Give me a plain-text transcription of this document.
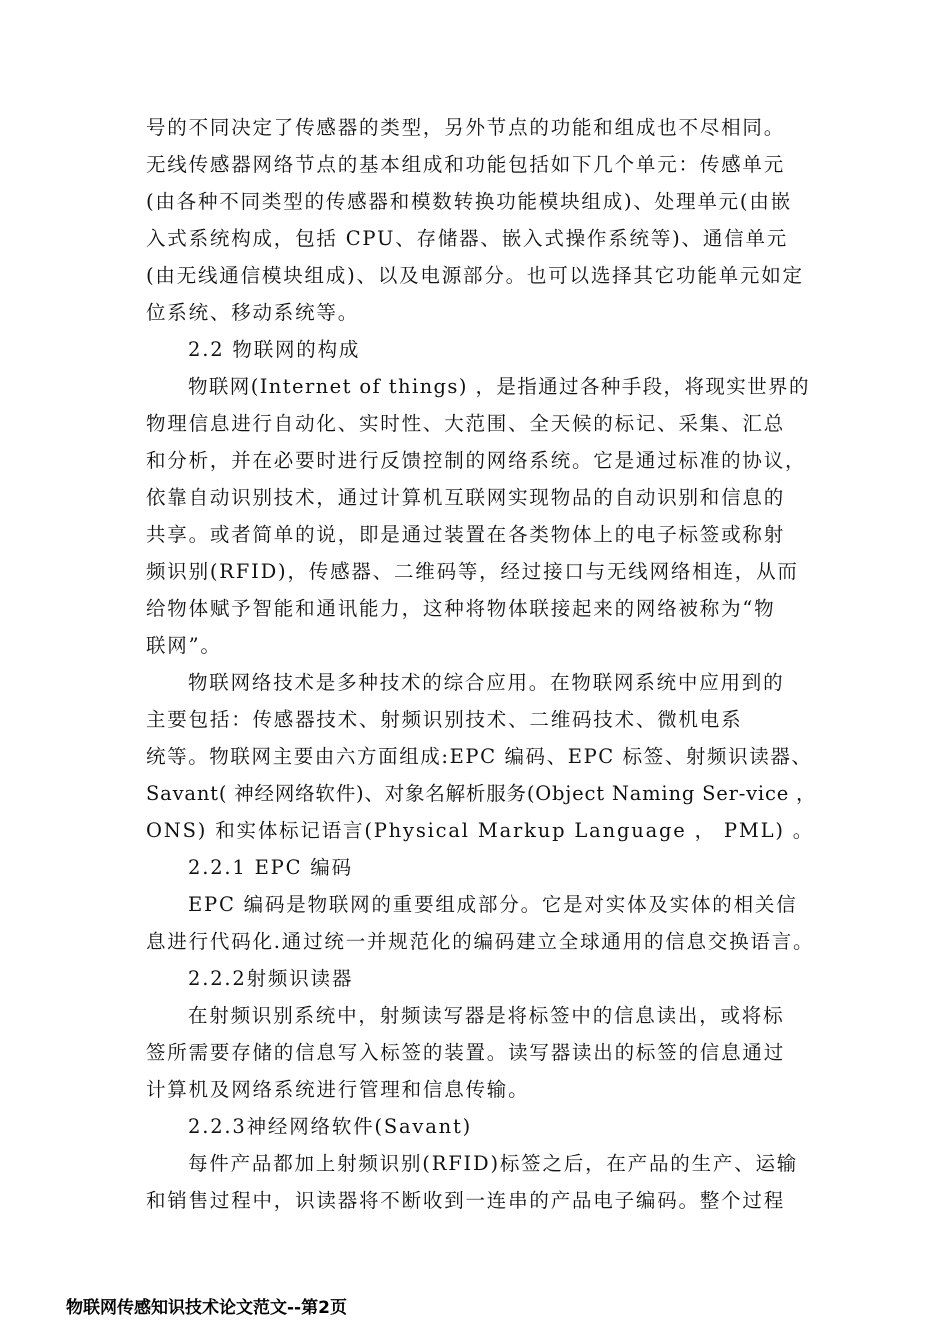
号的不同决定了传感器的类型，另外节点的功能和组成也不尽相同。
无线传感器网络节点的基本组成和功能包括如下几个单元：传感单元
(由各种不同类型的传感器和模数转换功能模块组成)、处理单元(由嵌
入式系统构成，包括 CPU、存储器、嵌入式操作系统等)、通信单元
(由无线通信模块组成)、以及电源部分。也可以选择其它功能单元如定
位系统、移动系统等。
2.2 物联网的构成
物联网(Internet of things) ，是指通过各种手段，将现实世界的
物理信息进行自动化、实时性、大范围、全天候的标记、采集、汇总
和分析，并在必要时进行反馈控制的网络系统。它是通过标准的协议，
依靠自动识别技术，通过计算机互联网实现物品的自动识别和信息的
共享。或者简单的说，即是通过装置在各类物体上的电子标签或称射
频识别(RFID)，传感器、二维码等，经过接口与无线网络相连，从而
给物体赋予智能和通讯能力，这种将物体联接起来的网络被称为“物
联网”。
物联网络技术是多种技术的综合应用。在物联网系统中应用到的
主要包括：传感器技术、射频识别技术、二维码技术、微机电系
统等。物联网主要由六方面组成:EPC 编码、EPC 标签、射频识读器、
Savant( 神经网络软件)、对象名解析服务(Object Naming Ser-vice ，
ONS) 和实体标记语言(Physical Markup Language ， PML) 。
2.2.1 EPC 编码
EPC 编码是物联网的重要组成部分。它是对实体及实体的相关信
息进行代码化.通过统一并规范化的编码建立全球通用的信息交换语言。
2.2.2射频识读器
在射频识别系统中，射频读写器是将标签中的信息读出，或将标
签所需要存储的信息写入标签的装置。读写器读出的标签的信息通过
计算机及网络系统进行管理和信息传输。
2.2.3神经网络软件(Savant)
每件产品都加上射频识别(RFID)标签之后，在产品的生产、运输
和销售过程中，识读器将不断收到一连串的产品电子编码。整个过程
物联网传感知识技术论文范文--第2页
